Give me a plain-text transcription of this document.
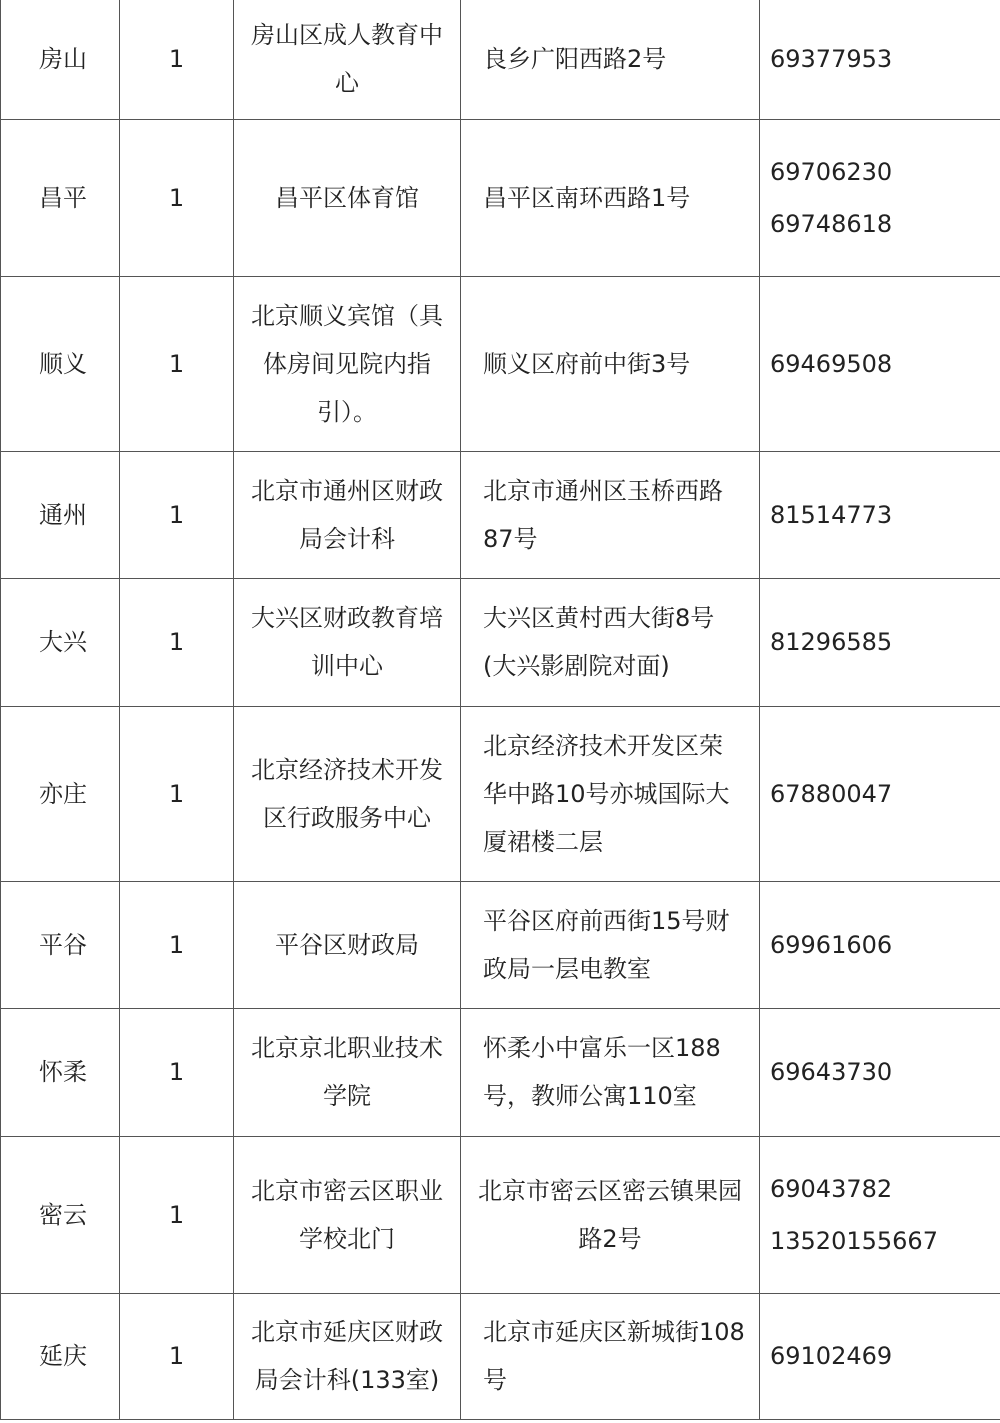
房山	1	房山区成人教育中心	良乡广阳西路2号	69377953

昌平	1	昌平区体育馆	昌平区南环西路1号	69706230
69748618

顺义	1	北京顺义宾馆（具体房间见院内指引）。	顺义区府前中街3号	69469508

通州	1	北京市通州区财政局会计科	北京市通州区玉桥西路87号	81514773

大兴	1	大兴区财政教育培训中心	大兴区黄村西大街8号(大兴影剧院对面)	81296585

亦庄	1	北京经济技术开发区行政服务中心	北京经济技术开发区荣华中路10号亦城国际大厦裙楼二层	67880047

平谷	1	平谷区财政局	平谷区府前西街15号财政局一层电教室	69961606

怀柔	1	北京京北职业技术学院	怀柔小中富乐一区188号，教师公寓110室	69643730

密云	1	北京市密云区职业学校北门	北京市密云区密云镇果园路2号	69043782
13520155667

延庆	1	北京市延庆区财政局会计科(133室)	北京市延庆区新城街108号	69102469
